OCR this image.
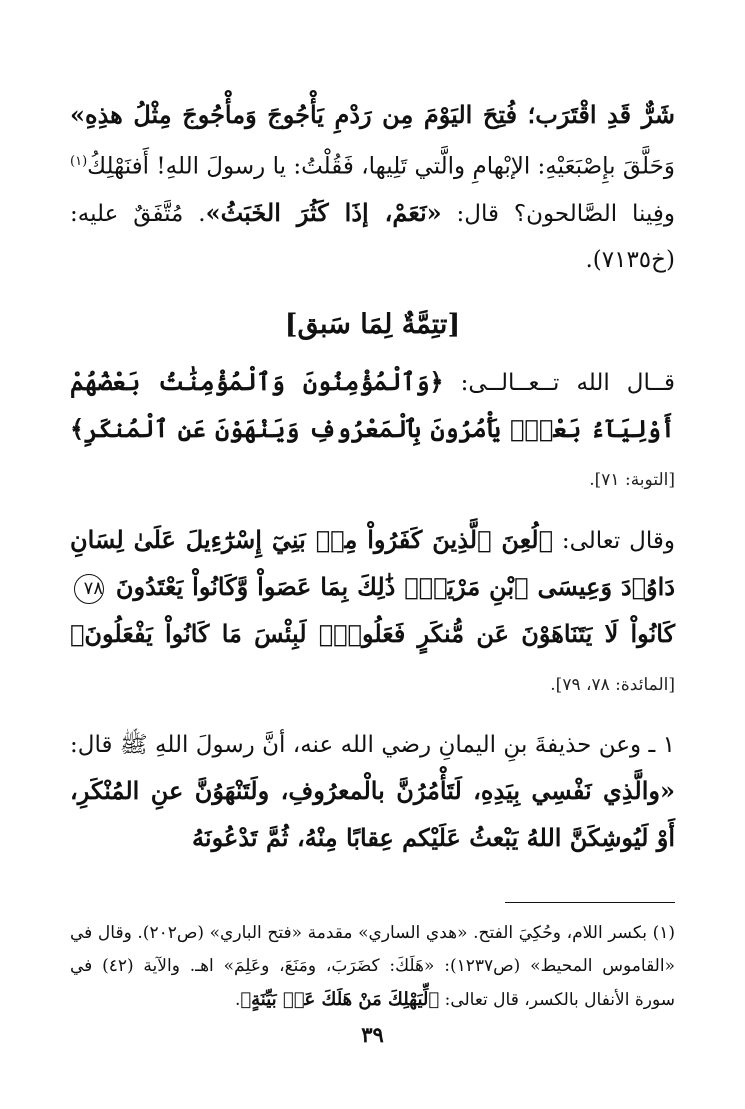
شَرٌّ قَدِ اقْتَرَب؛ فُتِحَ اليَوْمَ مِن رَدْمِ يَأْجُوجَ وَمأْجُوجَ مِثْلُ هذِهِ» وَحَلَّقَ بإِصْبَعَيْهِ: الإبْهامِ والَّتي تَلِيها، فَقُلْتُ: يا رسولَ اللهِ! أَفنَهْلِكُ$^{(١)}$ وفِينا الصَّالحون؟ قال: «نَعَمْ، إذَا كَثُرَ الخَبَثُ». مُتَّفَقٌ عليه: (خ٧١٣٥).

[تتِمَّةٌ لِمَا سَبق]

قــال الله تــعــالــى: ﴿وَٱلْمُؤْمِنُونَ وَٱلْمُؤْمِنَٰتُ بَعْضُهُمْ أَوْلِيَآءُ بَعْضٍۚ يَأْمُرُونَ بِٱلْمَعْرُوفِ وَيَنْهَوْنَ عَنِ ٱلْمُنكَرِ﴾ [التوبة: ٧١].

وقال تعالى: ﴿لُعِنَ ٱلَّذِينَ كَفَرُواْ مِنۢ بَنِيٓ إِسْرَٰٓءِيلَ عَلَىٰ لِسَانِ دَاوُۥدَ وَعِيسَى ٱبْنِ مَرْيَمَۚ ذَٰلِكَ بِمَا عَصَواْ وَّكَانُواْ يَعْتَدُونَ ٧٨ كَانُواْ لَا يَتَنَاهَوْنَ عَن مُّنكَرٍ فَعَلُوهُۚ لَبِئْسَ مَا كَانُواْ يَفْعَلُونَ﴾ [المائدة: ٧٨، ٧٩].

١ ـ وعن حذيفةَ بنِ اليمانِ رضي الله عنه، أنَّ رسولَ اللهِ ﷺ قال: «والَّذِي نَفْسِي بِيَدِهِ، لَتَأْمُرُنَّ بالْمعرُوفِ، ولَتَنْهَوُنَّ عنِ المُنْكَرِ، أَوْ لَيُوشِكَنَّ اللهُ يَبْعثُ عَلَيْكم عِقابًا مِنْهُ، ثُمَّ تَدْعُونَهُ

(١) بكسر اللام، وحُكِيَ الفتح. «هدي الساري» مقدمة «فتح الباري» (ص٢٠٢). وقال في «القاموس المحيط» (ص١٢٣٧): «هَلَكَ: كضَرَبَ، ومَنَعَ، وعَلِمَ» اهـ. والآية (٤٢) في سورة الأنفال بالكسر، قال تعالى: ﴿لِّيَهْلِكَ مَنْ هَلَكَ عَنۢ بَيِّنَةٍ﴾.

٣٩
